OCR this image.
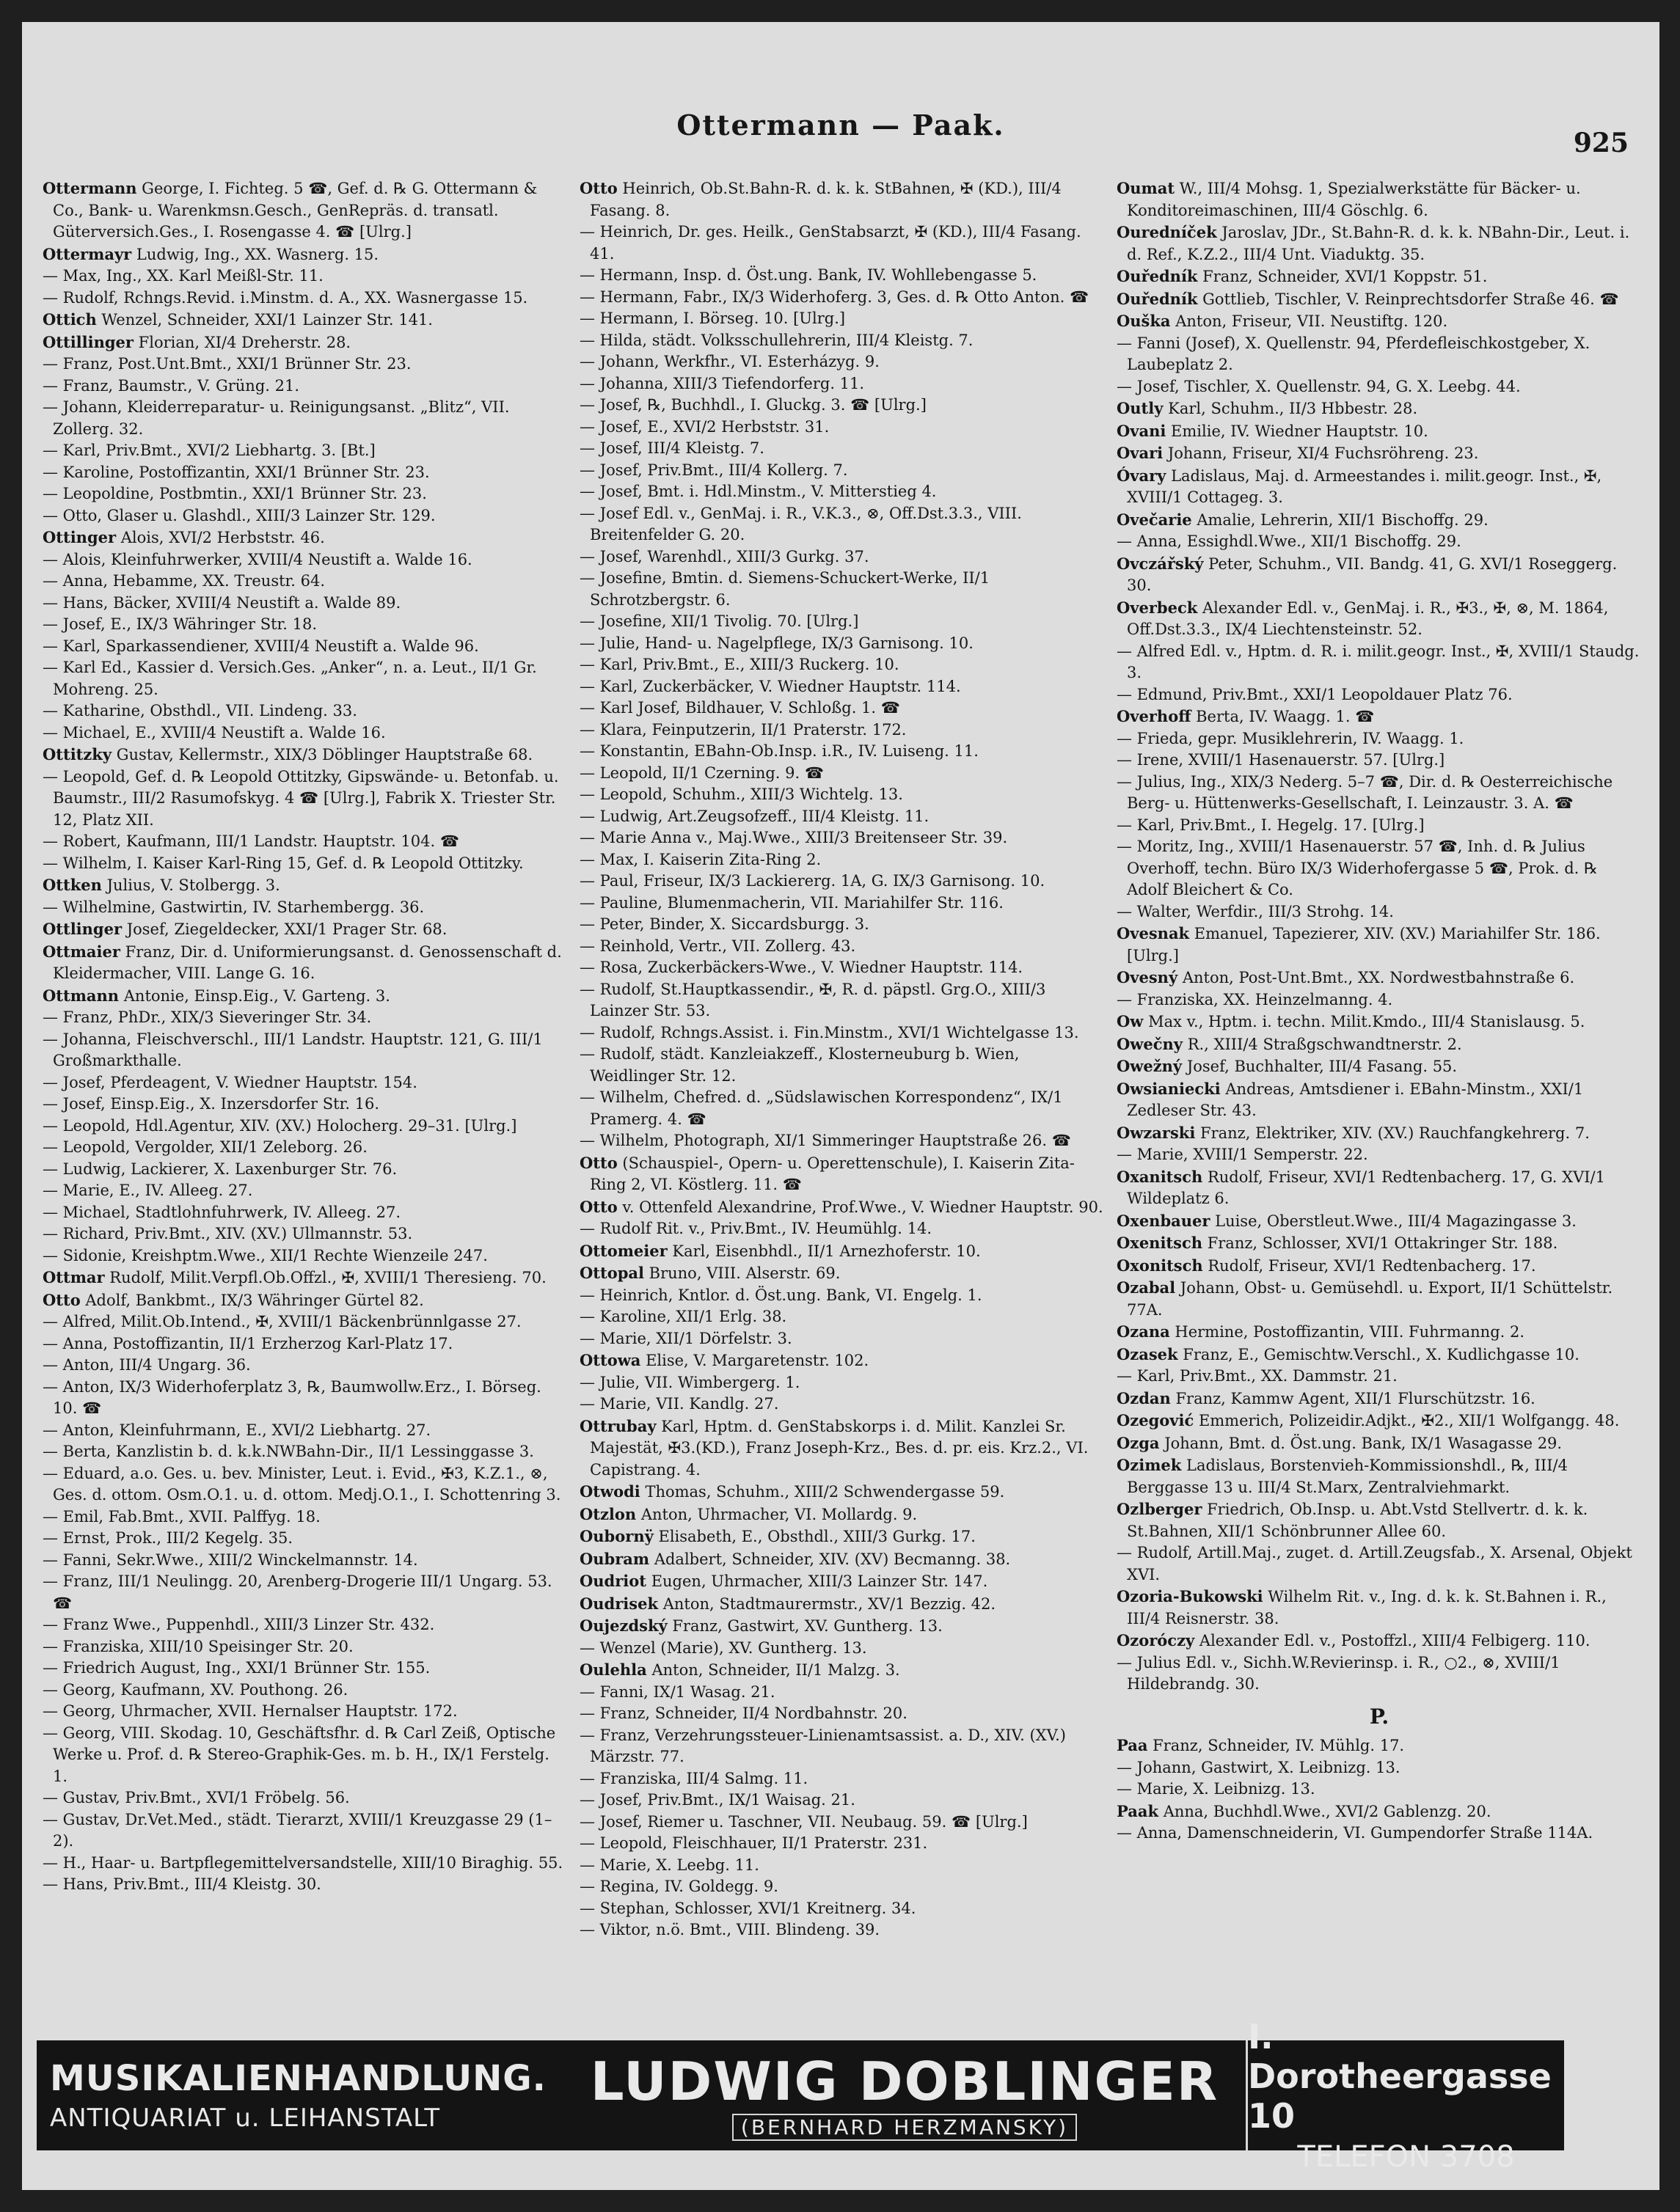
Ottermann — Paak.
925

Ottermann George, I. Fichteg. 5 ☎, Gef. d. ℞ G. Ottermann & Co., Bank- u. Warenkmsn.Gesch., GenRepräs. d. transatl. Güterversich.Ges., I. Rosengasse 4. ☎ [Ulrg.]

Ottermayr Ludwig, Ing., XX. Wasnerg. 15.

— Max, Ing., XX. Karl Meißl-Str. 11.

— Rudolf, Rchngs.Revid. i.Minstm. d. A., XX. Wasnergasse 15.

Ottich Wenzel, Schneider, XXI/1 Lainzer Str. 141.

Ottillinger Florian, XI/4 Dreherstr. 28.

— Franz, Post.Unt.Bmt., XXI/1 Brünner Str. 23.

— Franz, Baumstr., V. Grüng. 21.

— Johann, Kleiderreparatur- u. Reinigungsanst. „Blitz“, VII. Zollerg. 32.

— Karl, Priv.Bmt., XVI/2 Liebhartg. 3. [Bt.]

— Karoline, Postoffizantin, XXI/1 Brünner Str. 23.

— Leopoldine, Postbmtin., XXI/1 Brünner Str. 23.

— Otto, Glaser u. Glashdl., XIII/3 Lainzer Str. 129.

Ottinger Alois, XVI/2 Herbststr. 46.

— Alois, Kleinfuhrwerker, XVIII/4 Neustift a. Walde 16.

— Anna, Hebamme, XX. Treustr. 64.

— Hans, Bäcker, XVIII/4 Neustift a. Walde 89.

— Josef, E., IX/3 Währinger Str. 18.

— Karl, Sparkassendiener, XVIII/4 Neustift a. Walde 96.

— Karl Ed., Kassier d. Versich.Ges. „Anker“, n. a. Leut., II/1 Gr. Mohreng. 25.

— Katharine, Obsthdl., VII. Lindeng. 33.

— Michael, E., XVIII/4 Neustift a. Walde 16.

Ottitzky Gustav, Kellermstr., XIX/3 Döblinger Hauptstraße 68.

— Leopold, Gef. d. ℞ Leopold Ottitzky, Gipswände- u. Betonfab. u. Baumstr., III/2 Rasumofskyg. 4 ☎ [Ulrg.], Fabrik X. Triester Str. 12, Platz XII.

— Robert, Kaufmann, III/1 Landstr. Hauptstr. 104. ☎

— Wilhelm, I. Kaiser Karl-Ring 15, Gef. d. ℞ Leopold Ottitzky.

Ottken Julius, V. Stolbergg. 3.

— Wilhelmine, Gastwirtin, IV. Starhembergg. 36.

Ottlinger Josef, Ziegeldecker, XXI/1 Prager Str. 68.

Ottmaier Franz, Dir. d. Uniformierungsanst. d. Genossenschaft d. Kleidermacher, VIII. Lange G. 16.

Ottmann Antonie, Einsp.Eig., V. Garteng. 3.

— Franz, PhDr., XIX/3 Sieveringer Str. 34.

— Johanna, Fleischverschl., III/1 Landstr. Hauptstr. 121, G. III/1 Großmarkthalle.

— Josef, Pferdeagent, V. Wiedner Hauptstr. 154.

— Josef, Einsp.Eig., X. Inzersdorfer Str. 16.

— Leopold, Hdl.Agentur, XIV. (XV.) Holocherg. 29–31. [Ulrg.]

— Leopold, Vergolder, XII/1 Zeleborg. 26.

— Ludwig, Lackierer, X. Laxenburger Str. 76.

— Marie, E., IV. Alleeg. 27.

— Michael, Stadtlohnfuhrwerk, IV. Alleeg. 27.

— Richard, Priv.Bmt., XIV. (XV.) Ullmannstr. 53.

— Sidonie, Kreishptm.Wwe., XII/1 Rechte Wienzeile 247.

Ottmar Rudolf, Milit.Verpfl.Ob.Offzl., ✠, XVIII/1 Theresieng. 70.

Otto Adolf, Bankbmt., IX/3 Währinger Gürtel 82.

— Alfred, Milit.Ob.Intend., ✠, XVIII/1 Bäckenbrünnlgasse 27.

— Anna, Postoffizantin, II/1 Erzherzog Karl-Platz 17.

— Anton, III/4 Ungarg. 36.

— Anton, IX/3 Widerhoferplatz 3, ℞, Baumwollw.Erz., I. Börseg. 10. ☎

— Anton, Kleinfuhrmann, E., XVI/2 Liebhartg. 27.

— Berta, Kanzlistin b. d. k.k.NWBahn-Dir., II/1 Lessinggasse 3.

— Eduard, a.o. Ges. u. bev. Minister, Leut. i. Evid., ✠3, K.Z.1., ⊗, Ges. d. ottom. Osm.O.1. u. d. ottom. Medj.O.1., I. Schottenring 3.

— Emil, Fab.Bmt., XVII. Palffyg. 18.

— Ernst, Prok., III/2 Kegelg. 35.

— Fanni, Sekr.Wwe., XIII/2 Winckelmannstr. 14.

— Franz, III/1 Neulingg. 20, Arenberg-Drogerie III/1 Ungarg. 53. ☎

— Franz Wwe., Puppenhdl., XIII/3 Linzer Str. 432.

— Franziska, XIII/10 Speisinger Str. 20.

— Friedrich August, Ing., XXI/1 Brünner Str. 155.

— Georg, Kaufmann, XV. Pouthong. 26.

— Georg, Uhrmacher, XVII. Hernalser Hauptstr. 172.

— Georg, VIII. Skodag. 10, Geschäftsfhr. d. ℞ Carl Zeiß, Optische Werke u. Prof. d. ℞ Stereo-Graphik-Ges. m. b. H., IX/1 Ferstelg. 1.

— Gustav, Priv.Bmt., XVI/1 Fröbelg. 56.

— Gustav, Dr.Vet.Med., städt. Tierarzt, XVIII/1 Kreuzgasse 29 (1–2).

— H., Haar- u. Bartpflegemittelversandstelle, XIII/10 Biraghig. 55.

— Hans, Priv.Bmt., III/4 Kleistg. 30.

Otto Heinrich, Ob.St.Bahn-R. d. k. k. StBahnen, ✠ (KD.), III/4 Fasang. 8.

— Heinrich, Dr. ges. Heilk., GenStabsarzt, ✠ (KD.), III/4 Fasang. 41.

— Hermann, Insp. d. Öst.ung. Bank, IV. Wohllebengasse 5.

— Hermann, Fabr., IX/3 Widerhoferg. 3, Ges. d. ℞ Otto Anton. ☎

— Hermann, I. Börseg. 10. [Ulrg.]

— Hilda, städt. Volksschullehrerin, III/4 Kleistg. 7.

— Johann, Werkfhr., VI. Esterházyg. 9.

— Johanna, XIII/3 Tiefendorferg. 11.

— Josef, ℞, Buchhdl., I. Gluckg. 3. ☎ [Ulrg.]

— Josef, E., XVI/2 Herbststr. 31.

— Josef, III/4 Kleistg. 7.

— Josef, Priv.Bmt., III/4 Kollerg. 7.

— Josef, Bmt. i. Hdl.Minstm., V. Mitterstieg 4.

— Josef Edl. v., GenMaj. i. R., V.K.3., ⊗, Off.Dst.3.3., VIII. Breitenfelder G. 20.

— Josef, Warenhdl., XIII/3 Gurkg. 37.

— Josefine, Bmtin. d. Siemens-Schuckert-Werke, II/1 Schrotzbergstr. 6.

— Josefine, XII/1 Tivolig. 70. [Ulrg.]

— Julie, Hand- u. Nagelpflege, IX/3 Garnisong. 10.

— Karl, Priv.Bmt., E., XIII/3 Ruckerg. 10.

— Karl, Zuckerbäcker, V. Wiedner Hauptstr. 114.

— Karl Josef, Bildhauer, V. Schloßg. 1. ☎

— Klara, Feinputzerin, II/1 Praterstr. 172.

— Konstantin, EBahn-Ob.Insp. i.R., IV. Luiseng. 11.

— Leopold, II/1 Czerning. 9. ☎

— Leopold, Schuhm., XIII/3 Wichtelg. 13.

— Ludwig, Art.Zeugsofzeff., III/4 Kleistg. 11.

— Marie Anna v., Maj.Wwe., XIII/3 Breitenseer Str. 39.

— Max, I. Kaiserin Zita-Ring 2.

— Paul, Friseur, IX/3 Lackiererg. 1A, G. IX/3 Garnisong. 10.

— Pauline, Blumenmacherin, VII. Mariahilfer Str. 116.

— Peter, Binder, X. Siccardsburgg. 3.

— Reinhold, Vertr., VII. Zollerg. 43.

— Rosa, Zuckerbäckers-Wwe., V. Wiedner Hauptstr. 114.

— Rudolf, St.Hauptkassendir., ✠, R. d. päpstl. Grg.O., XIII/3 Lainzer Str. 53.

— Rudolf, Rchngs.Assist. i. Fin.Minstm., XVI/1 Wichtelgasse 13.

— Rudolf, städt. Kanzleiakzeff., Klosterneuburg b. Wien, Weidlinger Str. 12.

— Wilhelm, Chefred. d. „Südslawischen Korrespondenz“, IX/1 Pramerg. 4. ☎

— Wilhelm, Photograph, XI/1 Simmeringer Hauptstraße 26. ☎

Otto (Schauspiel-, Opern- u. Operettenschule), I. Kaiserin Zita-Ring 2, VI. Köstlerg. 11. ☎

Otto v. Ottenfeld Alexandrine, Prof.Wwe., V. Wiedner Hauptstr. 90.

— Rudolf Rit. v., Priv.Bmt., IV. Heumühlg. 14.

Ottomeier Karl, Eisenbhdl., II/1 Arnezhoferstr. 10.

Ottopal Bruno, VIII. Alserstr. 69.

— Heinrich, Kntlor. d. Öst.ung. Bank, VI. Engelg. 1.

— Karoline, XII/1 Erlg. 38.

— Marie, XII/1 Dörfelstr. 3.

Ottowa Elise, V. Margaretenstr. 102.

— Julie, VII. Wimbergerg. 1.

— Marie, VII. Kandlg. 27.

Ottrubay Karl, Hptm. d. GenStabskorps i. d. Milit. Kanzlei Sr. Majestät, ✠3.(KD.), Franz Joseph-Krz., Bes. d. pr. eis. Krz.2., VI. Capistrang. 4.

Otwodi Thomas, Schuhm., XIII/2 Schwendergasse 59.

Otzlon Anton, Uhrmacher, VI. Mollardg. 9.

Oubornÿ Elisabeth, E., Obsthdl., XIII/3 Gurkg. 17.

Oubram Adalbert, Schneider, XIV. (XV) Becmanng. 38.

Oudriot Eugen, Uhrmacher, XIII/3 Lainzer Str. 147.

Oudrisek Anton, Stadtmaurermstr., XV/1 Bezzig. 42.

Oujezdský Franz, Gastwirt, XV. Guntherg. 13.

— Wenzel (Marie), XV. Guntherg. 13.

Oulehla Anton, Schneider, II/1 Malzg. 3.

— Fanni, IX/1 Wasag. 21.

— Franz, Schneider, II/4 Nordbahnstr. 20.

— Franz, Verzehrungssteuer-Linienamtsassist. a. D., XIV. (XV.) Märzstr. 77.

— Franziska, III/4 Salmg. 11.

— Josef, Priv.Bmt., IX/1 Waisag. 21.

— Josef, Riemer u. Taschner, VII. Neubaug. 59. ☎ [Ulrg.]

— Leopold, Fleischhauer, II/1 Praterstr. 231.

— Marie, X. Leebg. 11.

— Regina, IV. Goldegg. 9.

— Stephan, Schlosser, XVI/1 Kreitnerg. 34.

— Viktor, n.ö. Bmt., VIII. Blindeng. 39.

Oumat W., III/4 Mohsg. 1, Spezialwerkstätte für Bäcker- u. Konditoreimaschinen, III/4 Göschlg. 6.

Ouredníček Jaroslav, JDr., St.Bahn-R. d. k. k. NBahn-Dir., Leut. i. d. Ref., K.Z.2., III/4 Unt. Viaduktg. 35.

Ouředník Franz, Schneider, XVI/1 Koppstr. 51.

Ouředník Gottlieb, Tischler, V. Reinprechtsdorfer Straße 46. ☎

Ouška Anton, Friseur, VII. Neustiftg. 120.

— Fanni (Josef), X. Quellenstr. 94, Pferdefleischkostgeber, X. Laubeplatz 2.

— Josef, Tischler, X. Quellenstr. 94, G. X. Leebg. 44.

Outly Karl, Schuhm., II/3 Hbbestr. 28.

Ovani Emilie, IV. Wiedner Hauptstr. 10.

Ovari Johann, Friseur, XI/4 Fuchsröhreng. 23.

Óvary Ladislaus, Maj. d. Armeestandes i. milit.geogr. Inst., ✠, XVIII/1 Cottageg. 3.

Ovečarie Amalie, Lehrerin, XII/1 Bischoffg. 29.

— Anna, Essighdl.Wwe., XII/1 Bischoffg. 29.

Ovczářský Peter, Schuhm., VII. Bandg. 41, G. XVI/1 Roseggerg. 30.

Overbeck Alexander Edl. v., GenMaj. i. R., ✠3., ✠, ⊗, M. 1864, Off.Dst.3.3., IX/4 Liechtensteinstr. 52.

— Alfred Edl. v., Hptm. d. R. i. milit.geogr. Inst., ✠, XVIII/1 Staudg. 3.

— Edmund, Priv.Bmt., XXI/1 Leopoldauer Platz 76.

Overhoff Berta, IV. Waagg. 1. ☎

— Frieda, gepr. Musiklehrerin, IV. Waagg. 1.

— Irene, XVIII/1 Hasenauerstr. 57. [Ulrg.]

— Julius, Ing., XIX/3 Nederg. 5–7 ☎, Dir. d. ℞ Oesterreichische Berg- u. Hüttenwerks-Gesellschaft, I. Leinzaustr. 3. A. ☎

— Karl, Priv.Bmt., I. Hegelg. 17. [Ulrg.]

— Moritz, Ing., XVIII/1 Hasenauerstr. 57 ☎, Inh. d. ℞ Julius Overhoff, techn. Büro IX/3 Widerhofergasse 5 ☎, Prok. d. ℞ Adolf Bleichert & Co.

— Walter, Werfdir., III/3 Strohg. 14.

Ovesnak Emanuel, Tapezierer, XIV. (XV.) Mariahilfer Str. 186. [Ulrg.]

Ovesný Anton, Post-Unt.Bmt., XX. Nordwestbahnstraße 6.

— Franziska, XX. Heinzelmanng. 4.

Ow Max v., Hptm. i. techn. Milit.Kmdo., III/4 Stanislausg. 5.

Owečny R., XIII/4 Straßgschwandtnerstr. 2.

Owežný Josef, Buchhalter, III/4 Fasang. 55.

Owsianiecki Andreas, Amtsdiener i. EBahn-Minstm., XXI/1 Zedleser Str. 43.

Owzarski Franz, Elektriker, XIV. (XV.) Rauchfangkehrerg. 7.

— Marie, XVIII/1 Semperstr. 22.

Oxanitsch Rudolf, Friseur, XVI/1 Redtenbacherg. 17, G. XVI/1 Wildeplatz 6.

Oxenbauer Luise, Oberstleut.Wwe., III/4 Magazingasse 3.

Oxenitsch Franz, Schlosser, XVI/1 Ottakringer Str. 188.

Oxonitsch Rudolf, Friseur, XVI/1 Redtenbacherg. 17.

Ozabal Johann, Obst- u. Gemüsehdl. u. Export, II/1 Schüttelstr. 77A.

Ozana Hermine, Postoffizantin, VIII. Fuhrmanng. 2.

Ozasek Franz, E., Gemischtw.Verschl., X. Kudlichgasse 10.

— Karl, Priv.Bmt., XX. Dammstr. 21.

Ozdan Franz, Kammw Agent, XII/1 Flurschützstr. 16.

Ozegović Emmerich, Polizeidir.Adjkt., ✠2., XII/1 Wolfgangg. 48.

Ozga Johann, Bmt. d. Öst.ung. Bank, IX/1 Wasagasse 29.

Ozimek Ladislaus, Borstenvieh-Kommissionshdl., ℞, III/4 Berggasse 13 u. III/4 St.Marx, Zentralviehmarkt.

Ozlberger Friedrich, Ob.Insp. u. Abt.Vstd Stellvertr. d. k. k. St.Bahnen, XII/1 Schönbrunner Allee 60.

— Rudolf, Artill.Maj., zuget. d. Artill.Zeugsfab., X. Arsenal, Objekt XVI.

Ozoria-Bukowski Wilhelm Rit. v., Ing. d. k. k. St.Bahnen i. R., III/4 Reisnerstr. 38.

Ozoróczy Alexander Edl. v., Postoffzl., XIII/4 Felbigerg. 110.

— Julius Edl. v., Sichh.W.Revierinsp. i. R., ○2., ⊗, XVIII/1 Hildebrandg. 30.

P.

Paa Franz, Schneider, IV. Mühlg. 17.

— Johann, Gastwirt, X. Leibnizg. 13.

— Marie, X. Leibnizg. 13.

Paak Anna, Buchhdl.Wwe., XVI/2 Gablenzg. 20.

— Anna, Damenschneiderin, VI. Gumpendorfer Straße 114A.

MUSIKALIENHANDLUNG.
ANTIQUARIAT u. LEIHANSTALT
LUDWIG DOBLINGER
(BERNHARD HERZMANSKY)
I. Dorotheergasse 10
TELEFON 3708
